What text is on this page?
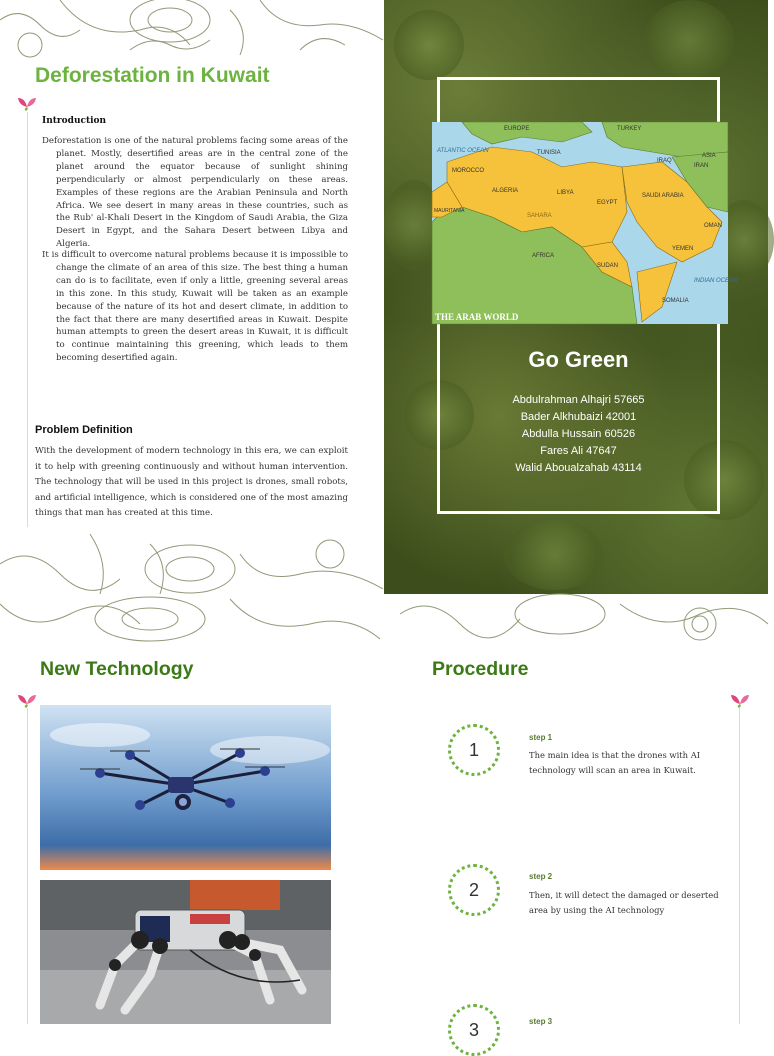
Deforestation in Kuwait
Introduction
Deforestation is one of the natural problems facing some areas of the planet. Mostly, desertified areas are in the central zone of the planet around the equator because of sunlight shining perpendicularly or almost perpendicularly on these areas. Examples of these regions are the Arabian Peninsula and North Africa. We see desert in many areas in these countries, such as the Rub' al-Khali Desert in the Kingdom of Saudi Arabia, the Giza Desert in Egypt, and the Sahara Desert between Libya and Algeria.
It is difficult to overcome natural problems because it is impossible to change the climate of an area of this size. The best thing a human can do is to facilitate, even if only a little, greening several areas in this zone. In this study, Kuwait will be taken as an example because of the nature of its hot and desert climate, in addition to the fact that there are many desertified areas in Kuwait. Despite human attempts to green the desert areas in Kuwait, it is difficult to continue maintaining this greening, which leads to them becoming desertified again.
Problem Definition
With the development of modern technology in this era, we can exploit it to help with greening continuously and without human intervention. The technology that will be used in this project is drones, small robots, and artificial intelligence, which is considered one of the most amazing things that man has created at this time.
EUROPE
ATLANTIC OCEAN
ALGERIA	LIBYA
EGYPT
AFRICA
SUDAN
SAUDI ARABIA
IRAN
ASIA
TURKEY
IRAQ
MOROCCO
SAHARA
MAURITANIA
INDIAN OCEAN
SOMALIA
YEMEN
OMAN
TUNISIA
THE ARAB WORLD
Go Green
Abdulrahman Alhajri 57665
Bader Alkhubaizi 42001
Abdulla Hussain 60526
Fares Ali 47647
Walid Aboualzahab 43114
New Technology	Procedure
1
step 1
The main idea is that the drones with AI technology will scan an area in Kuwait.
2
step 2
Then, it will detect the damaged or deserted area by using the AI technology
3	step 3
